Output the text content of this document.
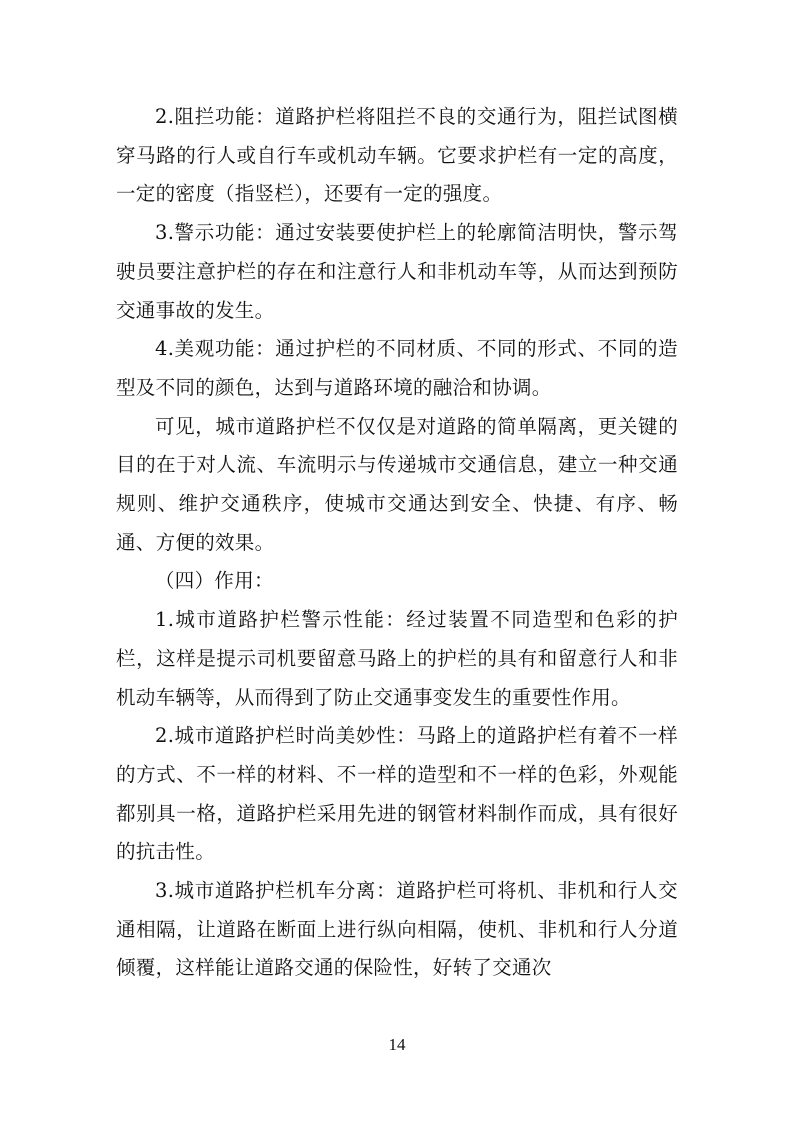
2.阻拦功能：道路护栏将阻拦不良的交通行为，阻拦试图横穿马路的行人或自行车或机动车辆。它要求护栏有一定的高度，一定的密度（指竖栏），还要有一定的强度。

3.警示功能：通过安装要使护栏上的轮廓简洁明快，警示驾驶员要注意护栏的存在和注意行人和非机动车等，从而达到预防交通事故的发生。

4.美观功能：通过护栏的不同材质、不同的形式、不同的造型及不同的颜色，达到与道路环境的融洽和协调。

可见，城市道路护栏不仅仅是对道路的简单隔离，更关键的目的在于对人流、车流明示与传递城市交通信息，建立一种交通规则、维护交通秩序，使城市交通达到安全、快捷、有序、畅通、方便的效果。

（四）作用：

1.城市道路护栏警示性能：经过装置不同造型和色彩的护栏，这样是提示司机要留意马路上的护栏的具有和留意行人和非机动车辆等，从而得到了防止交通事变发生的重要性作用。

2.城市道路护栏时尚美妙性：马路上的道路护栏有着不一样的方式、不一样的材料、不一样的造型和不一样的色彩，外观能都别具一格，道路护栏采用先进的钢管材料制作而成，具有很好的抗击性。

3.城市道路护栏机车分离：道路护栏可将机、非机和行人交通相隔，让道路在断面上进行纵向相隔，使机、非机和行人分道倾覆，这样能让道路交通的保险性，好转了交通次

14
